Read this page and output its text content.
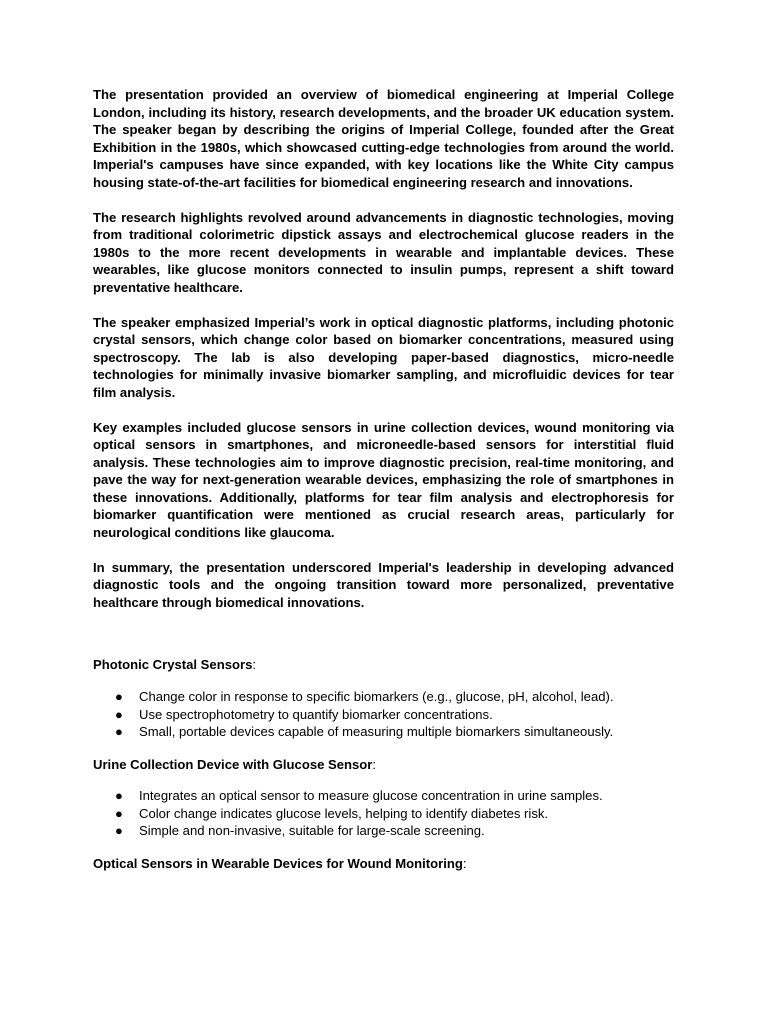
The presentation provided an overview of biomedical engineering at Imperial College London, including its history, research developments, and the broader UK education system. The speaker began by describing the origins of Imperial College, founded after the Great Exhibition in the 1980s, which showcased cutting-edge technologies from around the world. Imperial's campuses have since expanded, with key locations like the White City campus housing state-of-the-art facilities for biomedical engineering research and innovations.

The research highlights revolved around advancements in diagnostic technologies, moving from traditional colorimetric dipstick assays and electrochemical glucose readers in the 1980s to the more recent developments in wearable and implantable devices. These wearables, like glucose monitors connected to insulin pumps, represent a shift toward preventative healthcare.

The speaker emphasized Imperial’s work in optical diagnostic platforms, including photonic crystal sensors, which change color based on biomarker concentrations, measured using spectroscopy. The lab is also developing paper-based diagnostics, micro-needle technologies for minimally invasive biomarker sampling, and microfluidic devices for tear film analysis.

Key examples included glucose sensors in urine collection devices, wound monitoring via optical sensors in smartphones, and microneedle-based sensors for interstitial fluid analysis. These technologies aim to improve diagnostic precision, real-time monitoring, and pave the way for next-generation wearable devices, emphasizing the role of smartphones in these innovations. Additionally, platforms for tear film analysis and electrophoresis for biomarker quantification were mentioned as crucial research areas, particularly for neurological conditions like glaucoma.

In summary, the presentation underscored Imperial's leadership in developing advanced diagnostic tools and the ongoing transition toward more personalized, preventative healthcare through biomedical innovations.

Photonic Crystal Sensors:

● Change color in response to specific biomarkers (e.g., glucose, pH, alcohol, lead).
● Use spectrophotometry to quantify biomarker concentrations.
● Small, portable devices capable of measuring multiple biomarkers simultaneously.

Urine Collection Device with Glucose Sensor:

● Integrates an optical sensor to measure glucose concentration in urine samples.
● Color change indicates glucose levels, helping to identify diabetes risk.
● Simple and non-invasive, suitable for large-scale screening.

Optical Sensors in Wearable Devices for Wound Monitoring:
